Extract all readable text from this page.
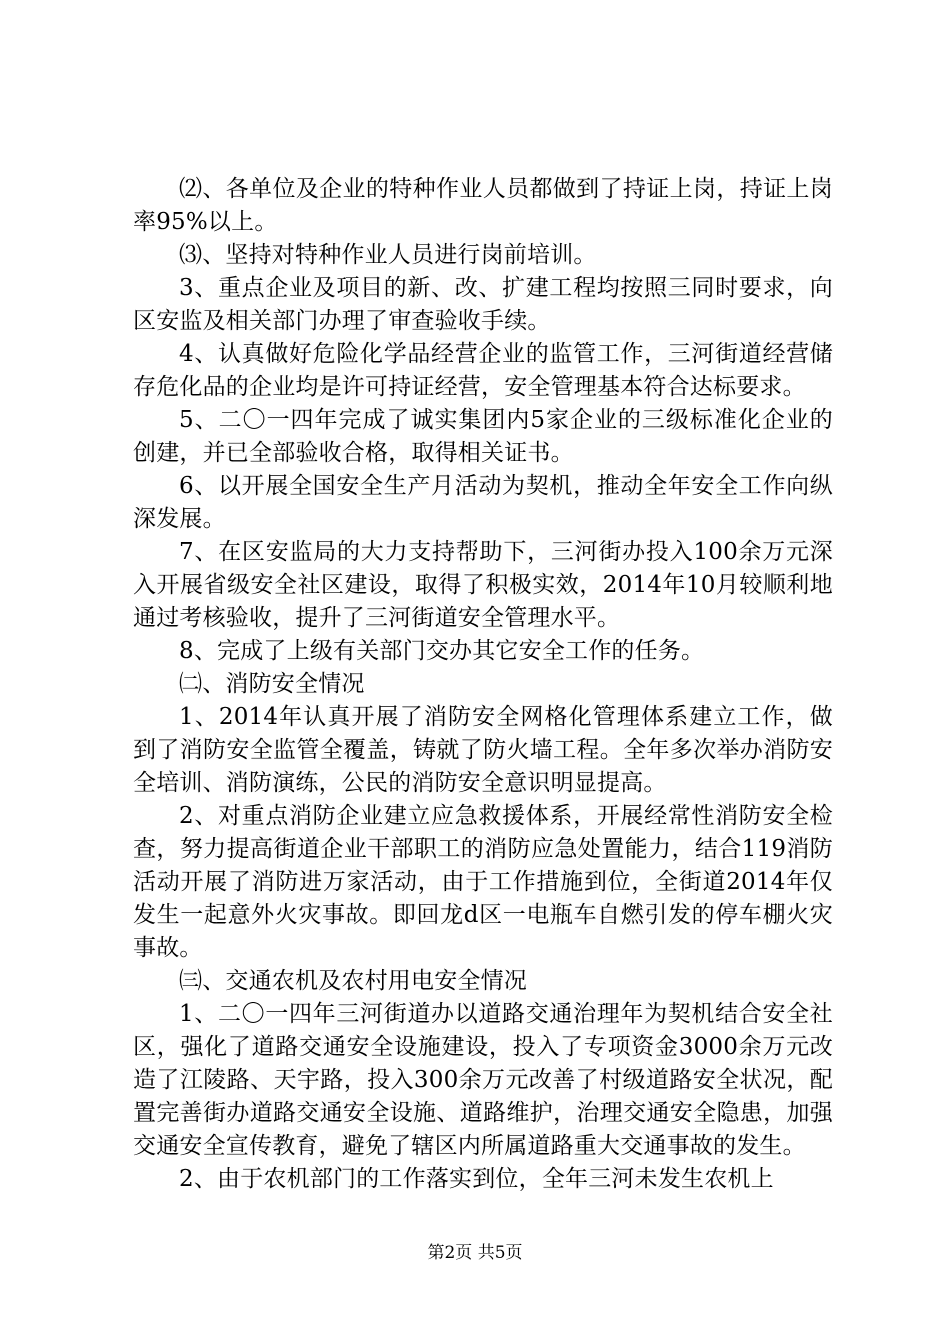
⑵、各单位及企业的特种作业人员都做到了持证上岗，持证上岗率95%以上。

⑶、坚持对特种作业人员进行岗前培训。

3、重点企业及项目的新、改、扩建工程均按照三同时要求，向区安监及相关部门办理了审查验收手续。

4、认真做好危险化学品经营企业的监管工作，三河街道经营储存危化品的企业均是许可持证经营，安全管理基本符合达标要求。

5、二〇一四年完成了诚实集团内5家企业的三级标准化企业的创建，并已全部验收合格，取得相关证书。

6、以开展全国安全生产月活动为契机，推动全年安全工作向纵深发展。

7、在区安监局的大力支持帮助下，三河街办投入100余万元深入开展省级安全社区建设，取得了积极实效，2014年10月较顺利地通过考核验收，提升了三河街道安全管理水平。

8、完成了上级有关部门交办其它安全工作的任务。

㈡、消防安全情况

1、2014年认真开展了消防安全网格化管理体系建立工作，做到了消防安全监管全覆盖，铸就了防火墙工程。全年多次举办消防安全培训、消防演练，公民的消防安全意识明显提高。

2、对重点消防企业建立应急救援体系，开展经常性消防安全检查，努力提高街道企业干部职工的消防应急处置能力，结合119消防活动开展了消防进万家活动，由于工作措施到位，全街道2014年仅发生一起意外火灾事故。即回龙d区一电瓶车自燃引发的停车棚火灾事故。

㈢、交通农机及农村用电安全情况

1、二〇一四年三河街道办以道路交通治理年为契机结合安全社区，强化了道路交通安全设施建设，投入了专项资金3000余万元改造了江陵路、天宇路，投入300余万元改善了村级道路安全状况，配置完善街办道路交通安全设施、道路维护，治理交通安全隐患，加强交通安全宣传教育，避免了辖区内所属道路重大交通事故的发生。

2、由于农机部门的工作落实到位，全年三河未发生农机上

第2页 共5页
